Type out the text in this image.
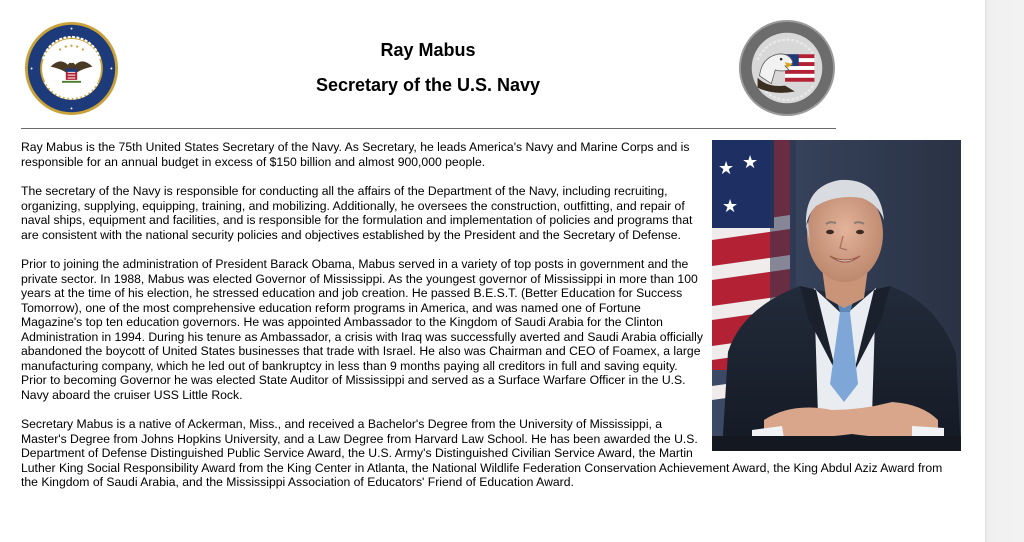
Ray Mabus
Secretary of the U.S. Navy
★ ★
★

Ray Mabus is the 75th United States Secretary of the Navy. As Secretary, he leads America's Navy and Marine Corps and is responsible for an annual budget in excess of $150 billion and almost 900,000 people.

The secretary of the Navy is responsible for conducting all the affairs of the Department of the Navy, including recruiting, organizing, supplying, equipping, training, and mobilizing. Additionally, he oversees the construction, outfitting, and repair of naval ships, equipment and facilities, and is responsible for the formulation and implementation of policies and programs that are consistent with the national security policies and objectives established by the President and the Secretary of Defense.

Prior to joining the administration of President Barack Obama, Mabus served in a variety of top posts in government and the private sector. In 1988, Mabus was elected Governor of Mississippi. As the youngest governor of Mississippi in more than 100 years at the time of his election, he stressed education and job creation. He passed B.E.S.T. (Better Education for Success Tomorrow), one of the most comprehensive education reform programs in America, and was named one of Fortune Magazine's top ten education governors. He was appointed Ambassador to the Kingdom of Saudi Arabia for the Clinton Administration in 1994. During his tenure as Ambassador, a crisis with Iraq was successfully averted and Saudi Arabia officially abandoned the boycott of United States businesses that trade with Israel. He also was Chairman and CEO of Foamex, a large manufacturing company, which he led out of bankruptcy in less than 9 months paying all creditors in full and saving equity. Prior to becoming Governor he was elected State Auditor of Mississippi and served as a Surface Warfare Officer in the U.S. Navy aboard the cruiser USS Little Rock.

Secretary Mabus is a native of Ackerman, Miss., and received a Bachelor's Degree from the University of Mississippi, a Master's Degree from Johns Hopkins University, and a Law Degree from Harvard Law School. He has been awarded the U.S. Department of Defense Distinguished Public Service Award, the U.S. Army's Distinguished Civilian Service Award, the Martin Luther King Social Responsibility Award from the King Center in Atlanta, the National Wildlife Federation Conservation Achievement Award, the King Abdul Aziz Award from the Kingdom of Saudi Arabia, and the Mississippi Association of Educators' Friend of Education Award.
